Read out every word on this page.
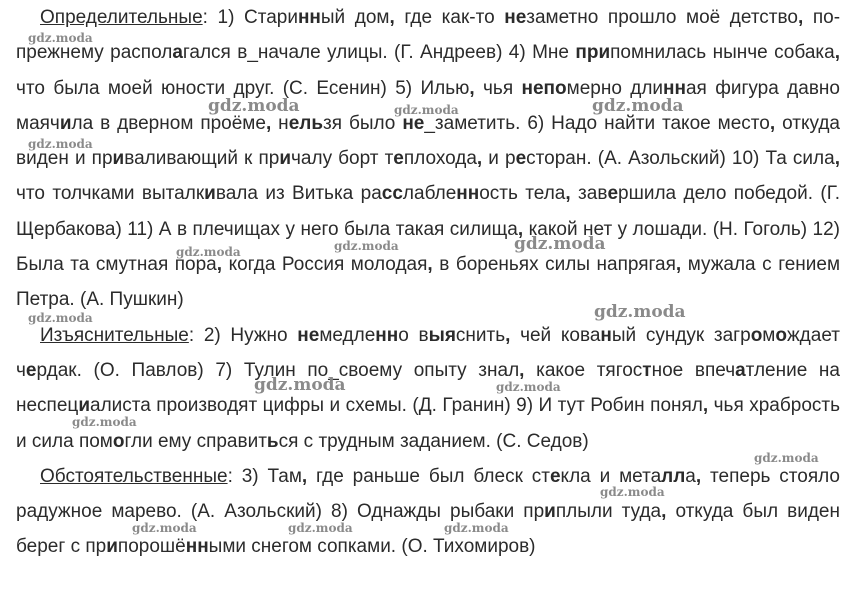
Определительные: 1) Старинный дом, где как-то незаметно прошло моё детство, по-прежнему располагался в_начале улицы. (Г. Андреев) 4) Мне припомнилась нынче собака, что была моей юности друг. (С. Есенин) 5) Илью, чья непомерно длинная фигура давно маячила в дверном проёме, нельзя было не_заметить. 6) Надо найти такое место, откуда виден и приваливающий к причалу борт теплохода, и ресторан. (А. Азольский) 10) Та сила, что толчками выталкивала из Витька расслабленность тела, завершила дело победой. (Г. Щербакова) 11) А в плечищах у него была такая силища, какой нет у лошади. (Н. Гоголь) 12) Была та смутная пора, когда Россия молодая, в бореньях силы напрягая, мужала с гением Петра. (А. Пушкин)

Изъяснительные: 2) Нужно немедленно выяснить, чей кованый сундук загромождает чердак. (О. Павлов) 7) Тулин по_своему опыту знал, какое тягостное впечатление на неспециалиста производят цифры и схемы. (Д. Гранин) 9) И тут Робин понял, чья храбрость и сила помогли ему справиться с трудным заданием. (С. Седов)

Обстоятельственные: 3) Там, где раньше был блеск стекла и металла, теперь стояло радужное марево. (А. Азольский) 8) Однажды рыбаки приплыли туда, откуда был виден берег с припорошёнными снегом сопками. (О. Тихомиров)

gdz.moda
gdz.moda	gdz.moda	gdz.moda
gdz.moda
gdz.moda	gdz.moda	gdz.moda
gdz.moda
gdz.moda
gdz.moda	gdz.moda
gdz.moda
gdz.moda
gdz.moda
gdz.moda	gdz.moda	gdz.moda
